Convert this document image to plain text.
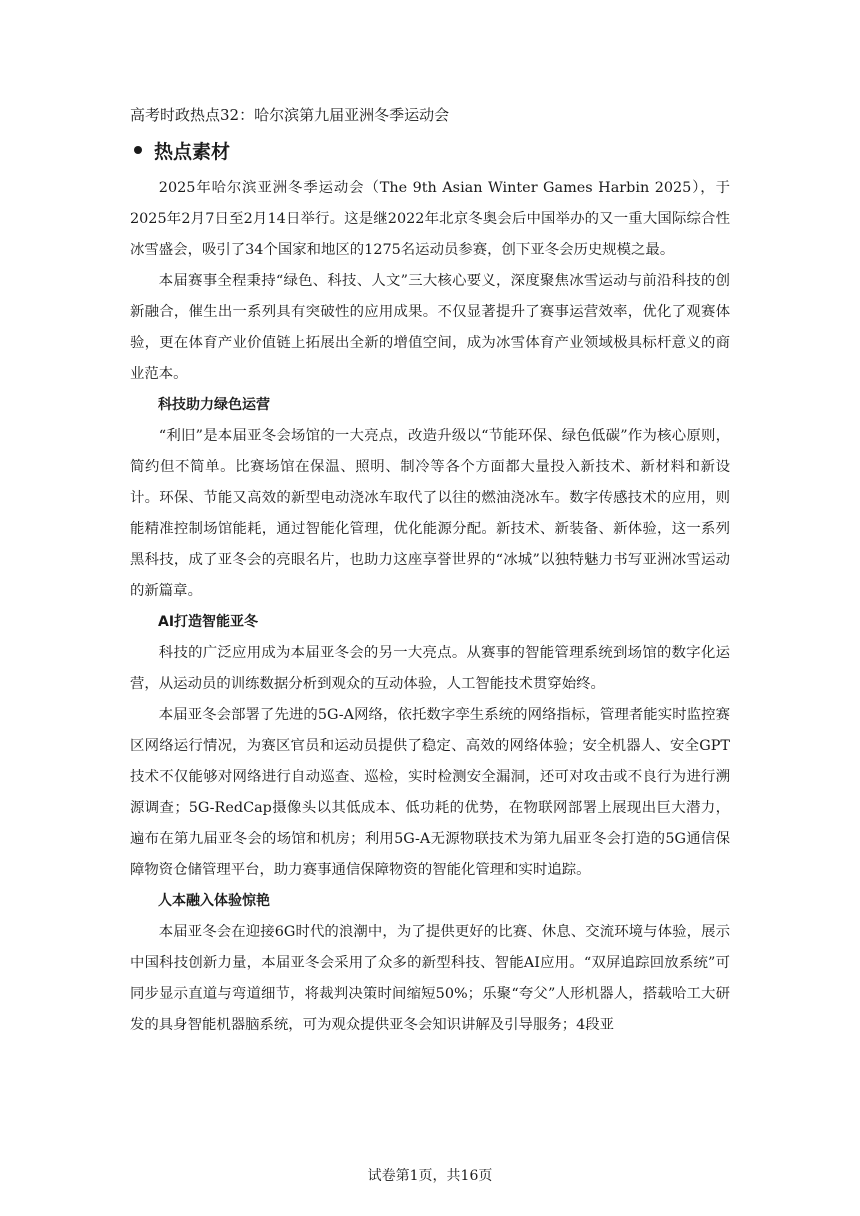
高考时政热点32：哈尔滨第九届亚洲冬季运动会

热点素材

2025年哈尔滨亚洲冬季运动会（The 9th Asian Winter Games Harbin 2025），于2025年2月7日至2月14日举行。这是继2022年北京冬奥会后中国举办的又一重大国际综合性冰雪盛会，吸引了34个国家和地区的1275名运动员参赛，创下亚冬会历史规模之最。

本届赛事全程秉持“绿色、科技、人文”三大核心要义，深度聚焦冰雪运动与前沿科技的创新融合，催生出一系列具有突破性的应用成果。不仅显著提升了赛事运营效率，优化了观赛体验，更在体育产业价值链上拓展出全新的增值空间，成为冰雪体育产业领域极具标杆意义的商业范本。

科技助力绿色运营

“利旧”是本届亚冬会场馆的一大亮点，改造升级以“节能环保、绿色低碳”作为核心原则，简约但不简单。比赛场馆在保温、照明、制冷等各个方面都大量投入新技术、新材料和新设计。环保、节能又高效的新型电动浇冰车取代了以往的燃油浇冰车。数字传感技术的应用，则能精准控制场馆能耗，通过智能化管理，优化能源分配。新技术、新装备、新体验，这一系列黑科技，成了亚冬会的亮眼名片，也助力这座享誉世界的“冰城”以独特魅力书写亚洲冰雪运动的新篇章。

AI打造智能亚冬

科技的广泛应用成为本届亚冬会的另一大亮点。从赛事的智能管理系统到场馆的数字化运营，从运动员的训练数据分析到观众的互动体验，人工智能技术贯穿始终。

本届亚冬会部署了先进的5G-A网络，依托数字孪生系统的网络指标，管理者能实时监控赛区网络运行情况，为赛区官员和运动员提供了稳定、高效的网络体验；安全机器人、安全GPT技术不仅能够对网络进行自动巡查、巡检，实时检测安全漏洞，还可对攻击或不良行为进行溯源调查；5G-RedCap摄像头以其低成本、低功耗的优势，在物联网部署上展现出巨大潜力，遍布在第九届亚冬会的场馆和机房；利用5G-A无源物联技术为第九届亚冬会打造的5G通信保障物资仓储管理平台，助力赛事通信保障物资的智能化管理和实时追踪。

人本融入体验惊艳

本届亚冬会在迎接6G时代的浪潮中，为了提供更好的比赛、休息、交流环境与体验，展示中国科技创新力量，本届亚冬会采用了众多的新型科技、智能AI应用。“双屏追踪回放系统”可同步显示直道与弯道细节，将裁判决策时间缩短50%；乐聚“夸父”人形机器人，搭载哈工大研发的具身智能机器脑系统，可为观众提供亚冬会知识讲解及引导服务；4段亚

试卷第1页，共16页
